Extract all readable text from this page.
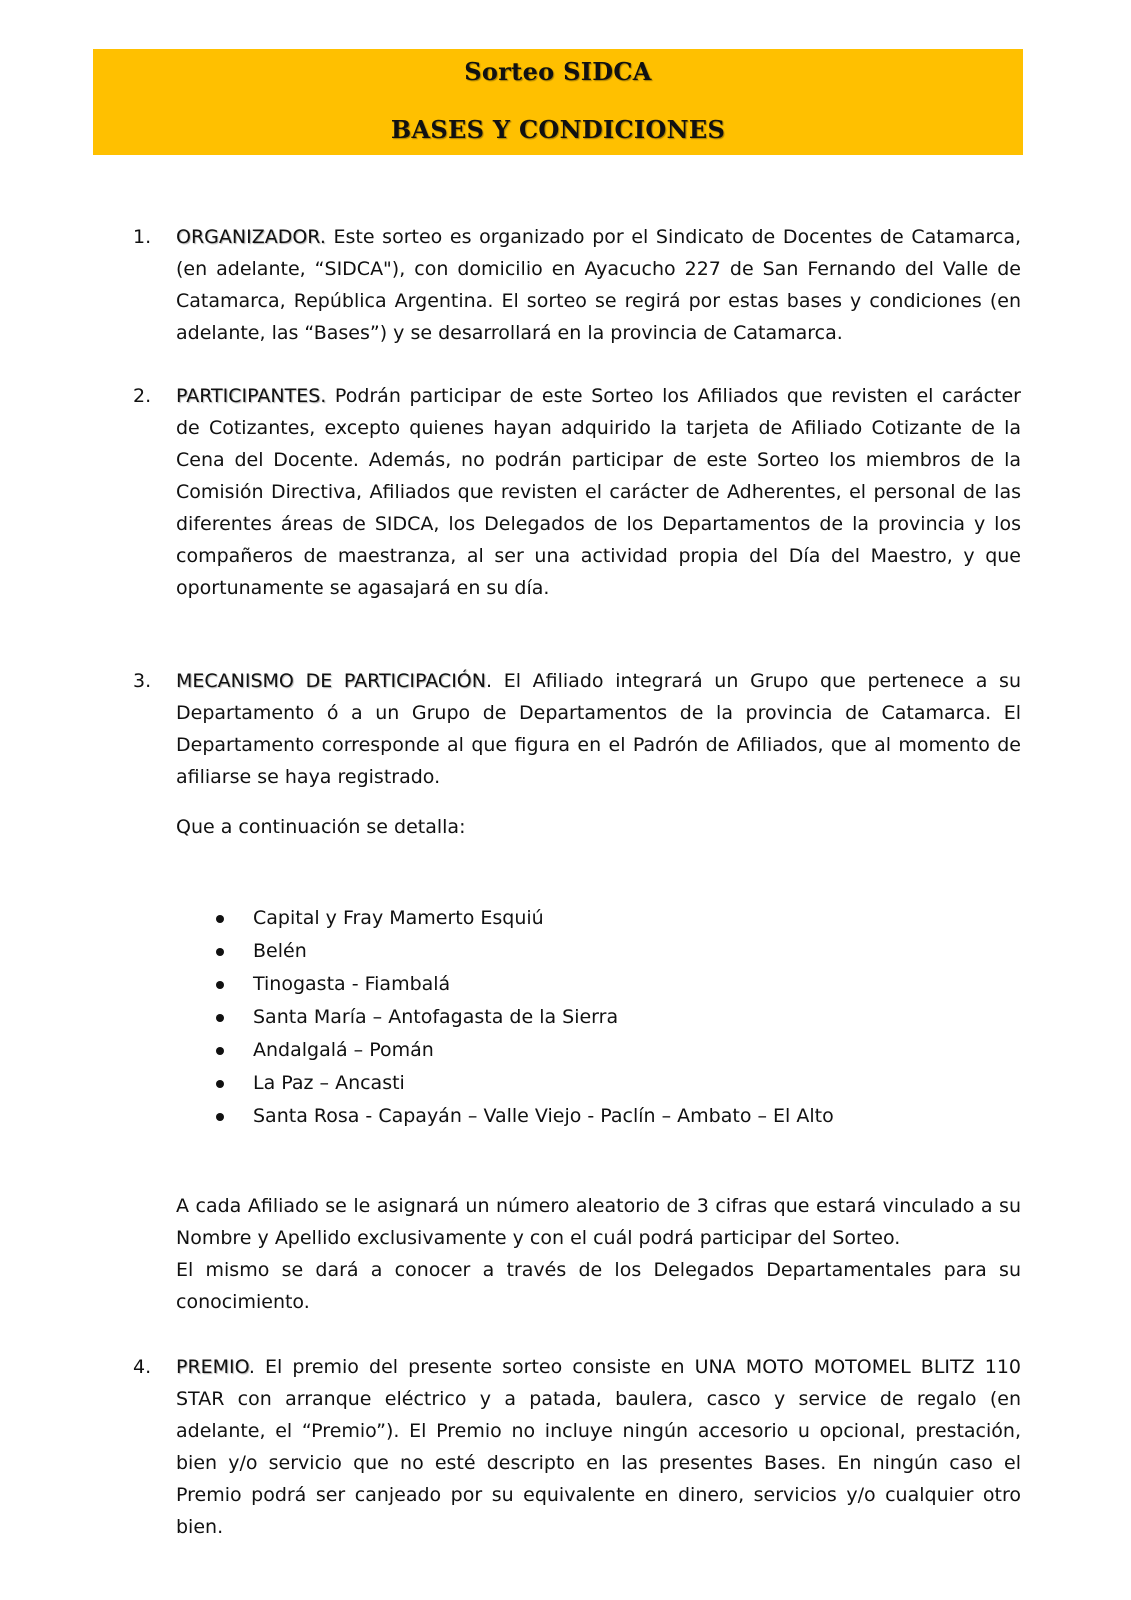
Sorteo SIDCA
BASES Y CONDICIONES
1.	ORGANIZADOR. Este sorteo es organizado por el Sindicato de Docentes de Catamarca, (en adelante, “SIDCA"), con domicilio en Ayacucho 227 de San Fernando del Valle de Catamarca, República Argentina. El sorteo se regirá por estas bases y condiciones (en adelante, las “Bases”) y se desarrollará en la provincia de Catamarca.
2.	PARTICIPANTES. Podrán participar de este Sorteo los Afiliados que revisten el carácter de Cotizantes, excepto quienes hayan adquirido la tarjeta de Afiliado Cotizante de la Cena del Docente. Además, no podrán participar de este Sorteo los miembros de la Comisión Directiva, Afiliados que revisten el carácter de Adherentes, el personal de las diferentes áreas de SIDCA, los Delegados de los Departamentos de la provincia y los compañeros de maestranza, al ser una actividad propia del Día del Maestro, y que oportunamente se agasajará en su día.
3.	MECANISMO DE PARTICIPACIÓN. El Afiliado integrará un Grupo que pertenece a su Departamento ó a un Grupo de Departamentos de la provincia de Catamarca. El Departamento corresponde al que figura en el Padrón de Afiliados, que al momento de afiliarse se haya registrado.
Que a continuación se detalla:
Capital y Fray Mamerto Esquiú
Belén
Tinogasta - Fiambalá
Santa María – Antofagasta de la Sierra
Andalgalá – Pomán
La Paz – Ancasti
Santa Rosa - Capayán – Valle Viejo - Paclín – Ambato – El Alto
A cada Afiliado se le asignará un número aleatorio de 3 cifras que estará vinculado a su Nombre y Apellido exclusivamente y con el cuál podrá participar del Sorteo.
El mismo se dará a conocer a través de los Delegados Departamentales para su conocimiento.
4.	PREMIO. El premio del presente sorteo consiste en UNA MOTO MOTOMEL BLITZ 110 STAR con arranque eléctrico y a patada, baulera, casco y service de regalo (en adelante, el “Premio”). El Premio no incluye ningún accesorio u opcional, prestación, bien y/o servicio que no esté descripto en las presentes Bases. En ningún caso el Premio podrá ser canjeado por su equivalente en dinero, servicios y/o cualquier otro bien.
